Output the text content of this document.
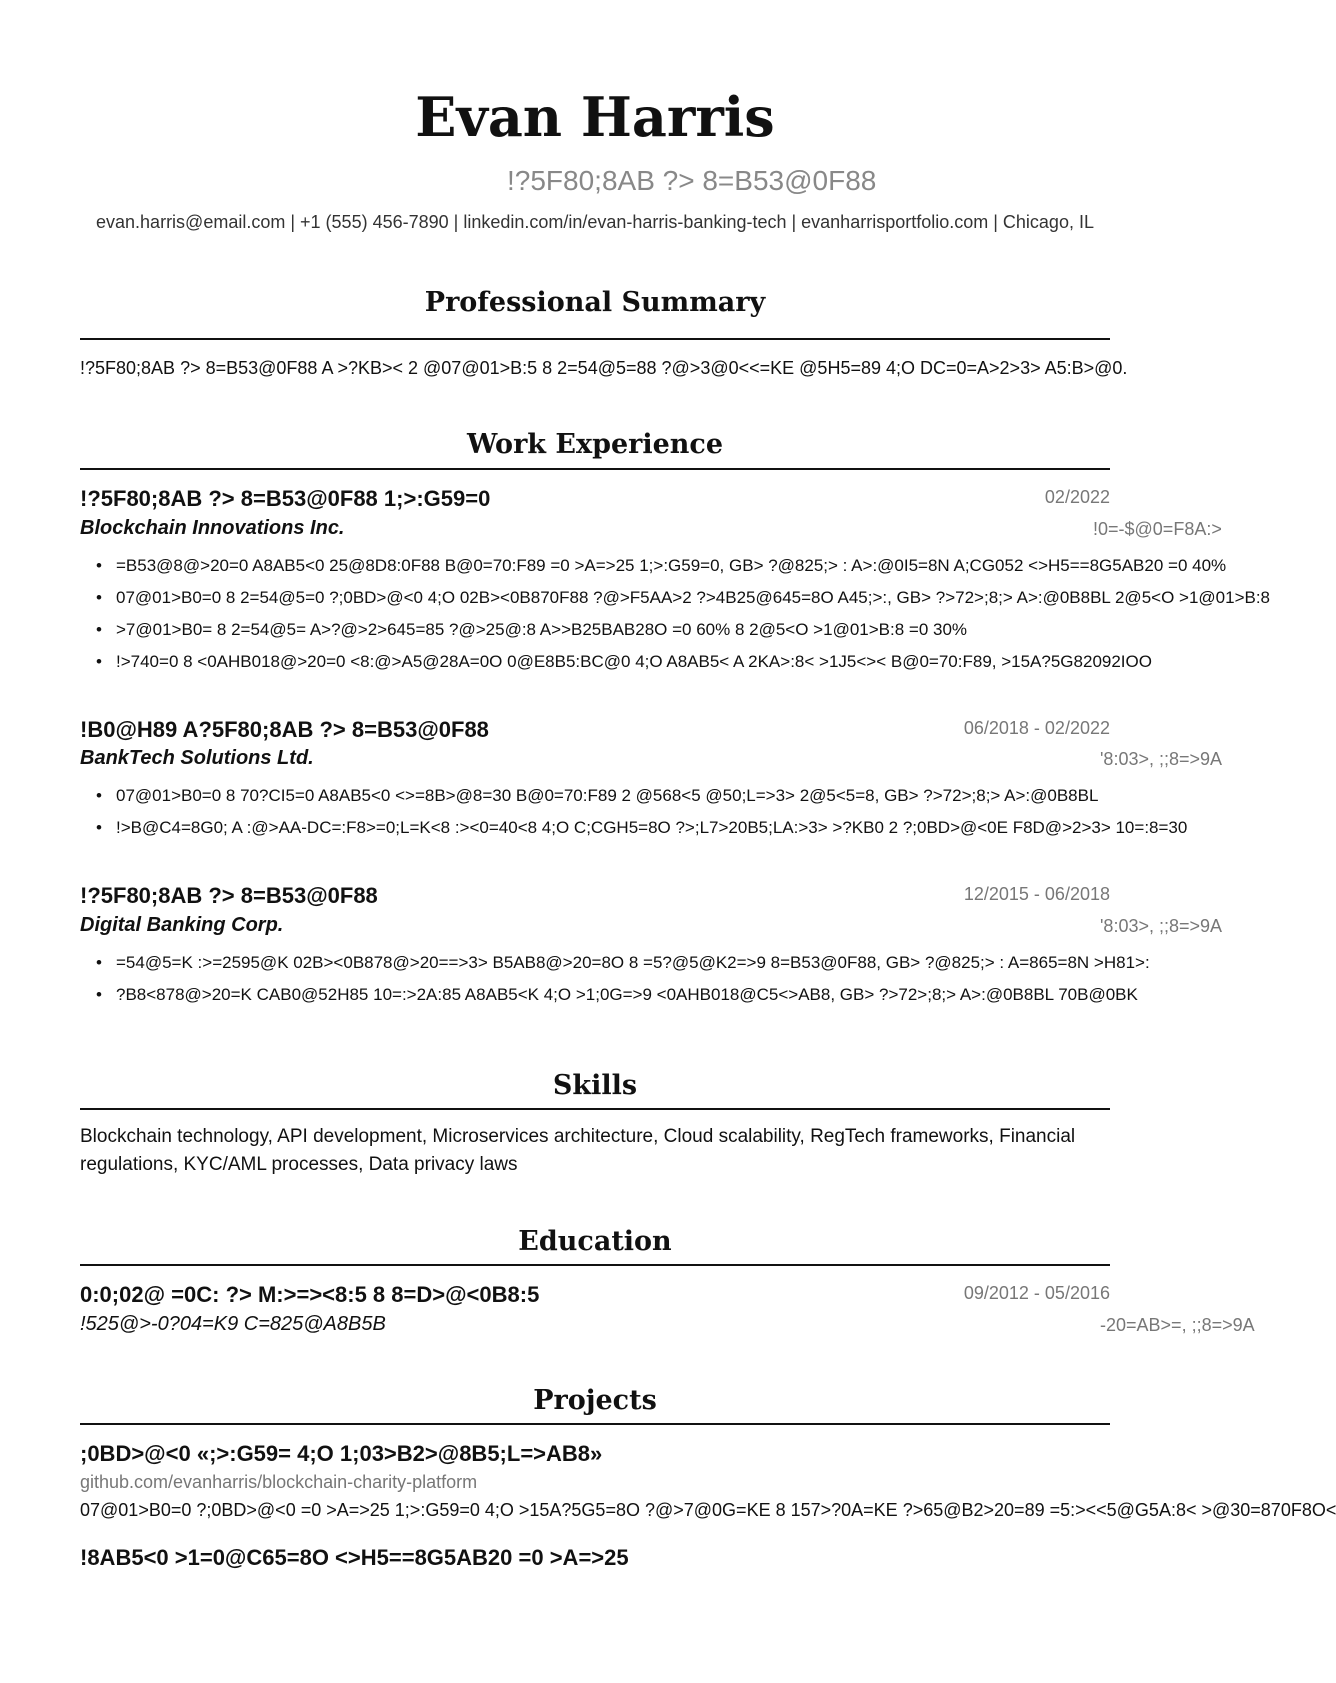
Evan Harris
!?5F80;8AB ?> 8=B53@0F88
evan.harris@email.com | +1 (555) 456-7890 | linkedin.com/in/evan-harris-banking-tech | evanharrisportfolio.com | Chicago, IL
Professional Summary
!?5F80;8AB ?> 8=B53@0F88 A >?KB>< 2 @07@01>B:5 8 2=54@5=88 ?@>3@0<<=KE @5H5=89 4;O DC=0=A>2>3> A5:B>@0.
Work Experience
!?5F80;8AB ?> 8=B53@0F88 1;>:G59=0	02/2022
Blockchain Innovations Inc.	!0=-$@0=F8A:>
• =B53@8@>20=0 A8AB5<0 25@8D8:0F88 B@0=70:F89 =0 >A=>25 1;>:G59=0, GB> ?@825;> : A>:@0I5=8N A;CG052 <>H5==8G5AB20 =0 40%
• 07@01>B0=0 8 2=54@5=0 ?;0BD>@<0 4;O 02B><0B870F88 ?@>F5AA>2 ?>4B25@645=8O A45;>:, GB> ?>72>;8;> A>:@0B8BL 2@5<O >1@01>B:8
• >7@01>B0= 8 2=54@5= A>?@>2>645=85 ?@>25@:8 A>>B25BAB28O =0 60% 8 2@5<O >1@01>B:8 =0 30%
• !>740=0 8 <0AHB018@>20=0 <8:@>A5@28A=0O 0@E8B5:BC@0 4;O A8AB5< A 2KA>:8< >1J5<>< B@0=70:F89, >15A?5G82092IOO
!B0@H89 A?5F80;8AB ?> 8=B53@0F88	06/2018 - 02/2022
BankTech Solutions Ltd.	'8:03>, ;;8=>9A
• 07@01>B0=0 8 70?CI5=0 A8AB5<0 <>=8B>@8=30 B@0=70:F89 2 @568<5 @50;L=>3> 2@5<5=8, GB> ?>72>;8;> A>:@0B8BL
• !>B@C4=8G0; A :@>AA-DC=:F8>=0;L=K<8 :><0=40<8 4;O C;CGH5=8O ?>;L7>20B5;LA:>3> >?KB0 2 ?;0BD>@<0E F8D@>2>3> 10=:8=30
!?5F80;8AB ?> 8=B53@0F88	12/2015 - 06/2018
Digital Banking Corp.	'8:03>, ;;8=>9A
• =54@5=K :>=2595@K 02B><0B878@>20==>3> B5AB8@>20=8O 8 =5?@5@K2=>9 8=B53@0F88, GB> ?@825;> : A=865=8N >H81>:
• ?B8<878@>20=K CAB0@52H85 10=:>2A:85 A8AB5<K 4;O >1;0G=>9 <0AHB018@C5<>AB8, GB> ?>72>;8;> A>:@0B8BL 70B@0BK
Skills
Blockchain technology, API development, Microservices architecture, Cloud scalability, RegTech frameworks, Financial regulations, KYC/AML processes, Data privacy laws
Education
0:0;02@ =0C: ?> M:>=><8:5 8 8=D>@<0B8:5	09/2012 - 05/2016
!525@>-0?04=K9 C=825@A8B5B	-20=AB>=, ;;8=>9A
Projects
;0BD>@<0 «;>:G59= 4;O 1;03>B2>@8B5;L=>AB8»
github.com/evanharris/blockchain-charity-platform
07@01>B0=0 ?;0BD>@<0 =0 >A=>25 1;>:G59=0 4;O >15A?5G5=8O ?@>7@0G=KE 8 157>?0A=KE ?>65@B2>20=89 =5:><<5@G5A:8< >@30=870F8O<
!8AB5<0 >1=0@C65=8O <>H5==8G5AB20 =0 >A=>25
